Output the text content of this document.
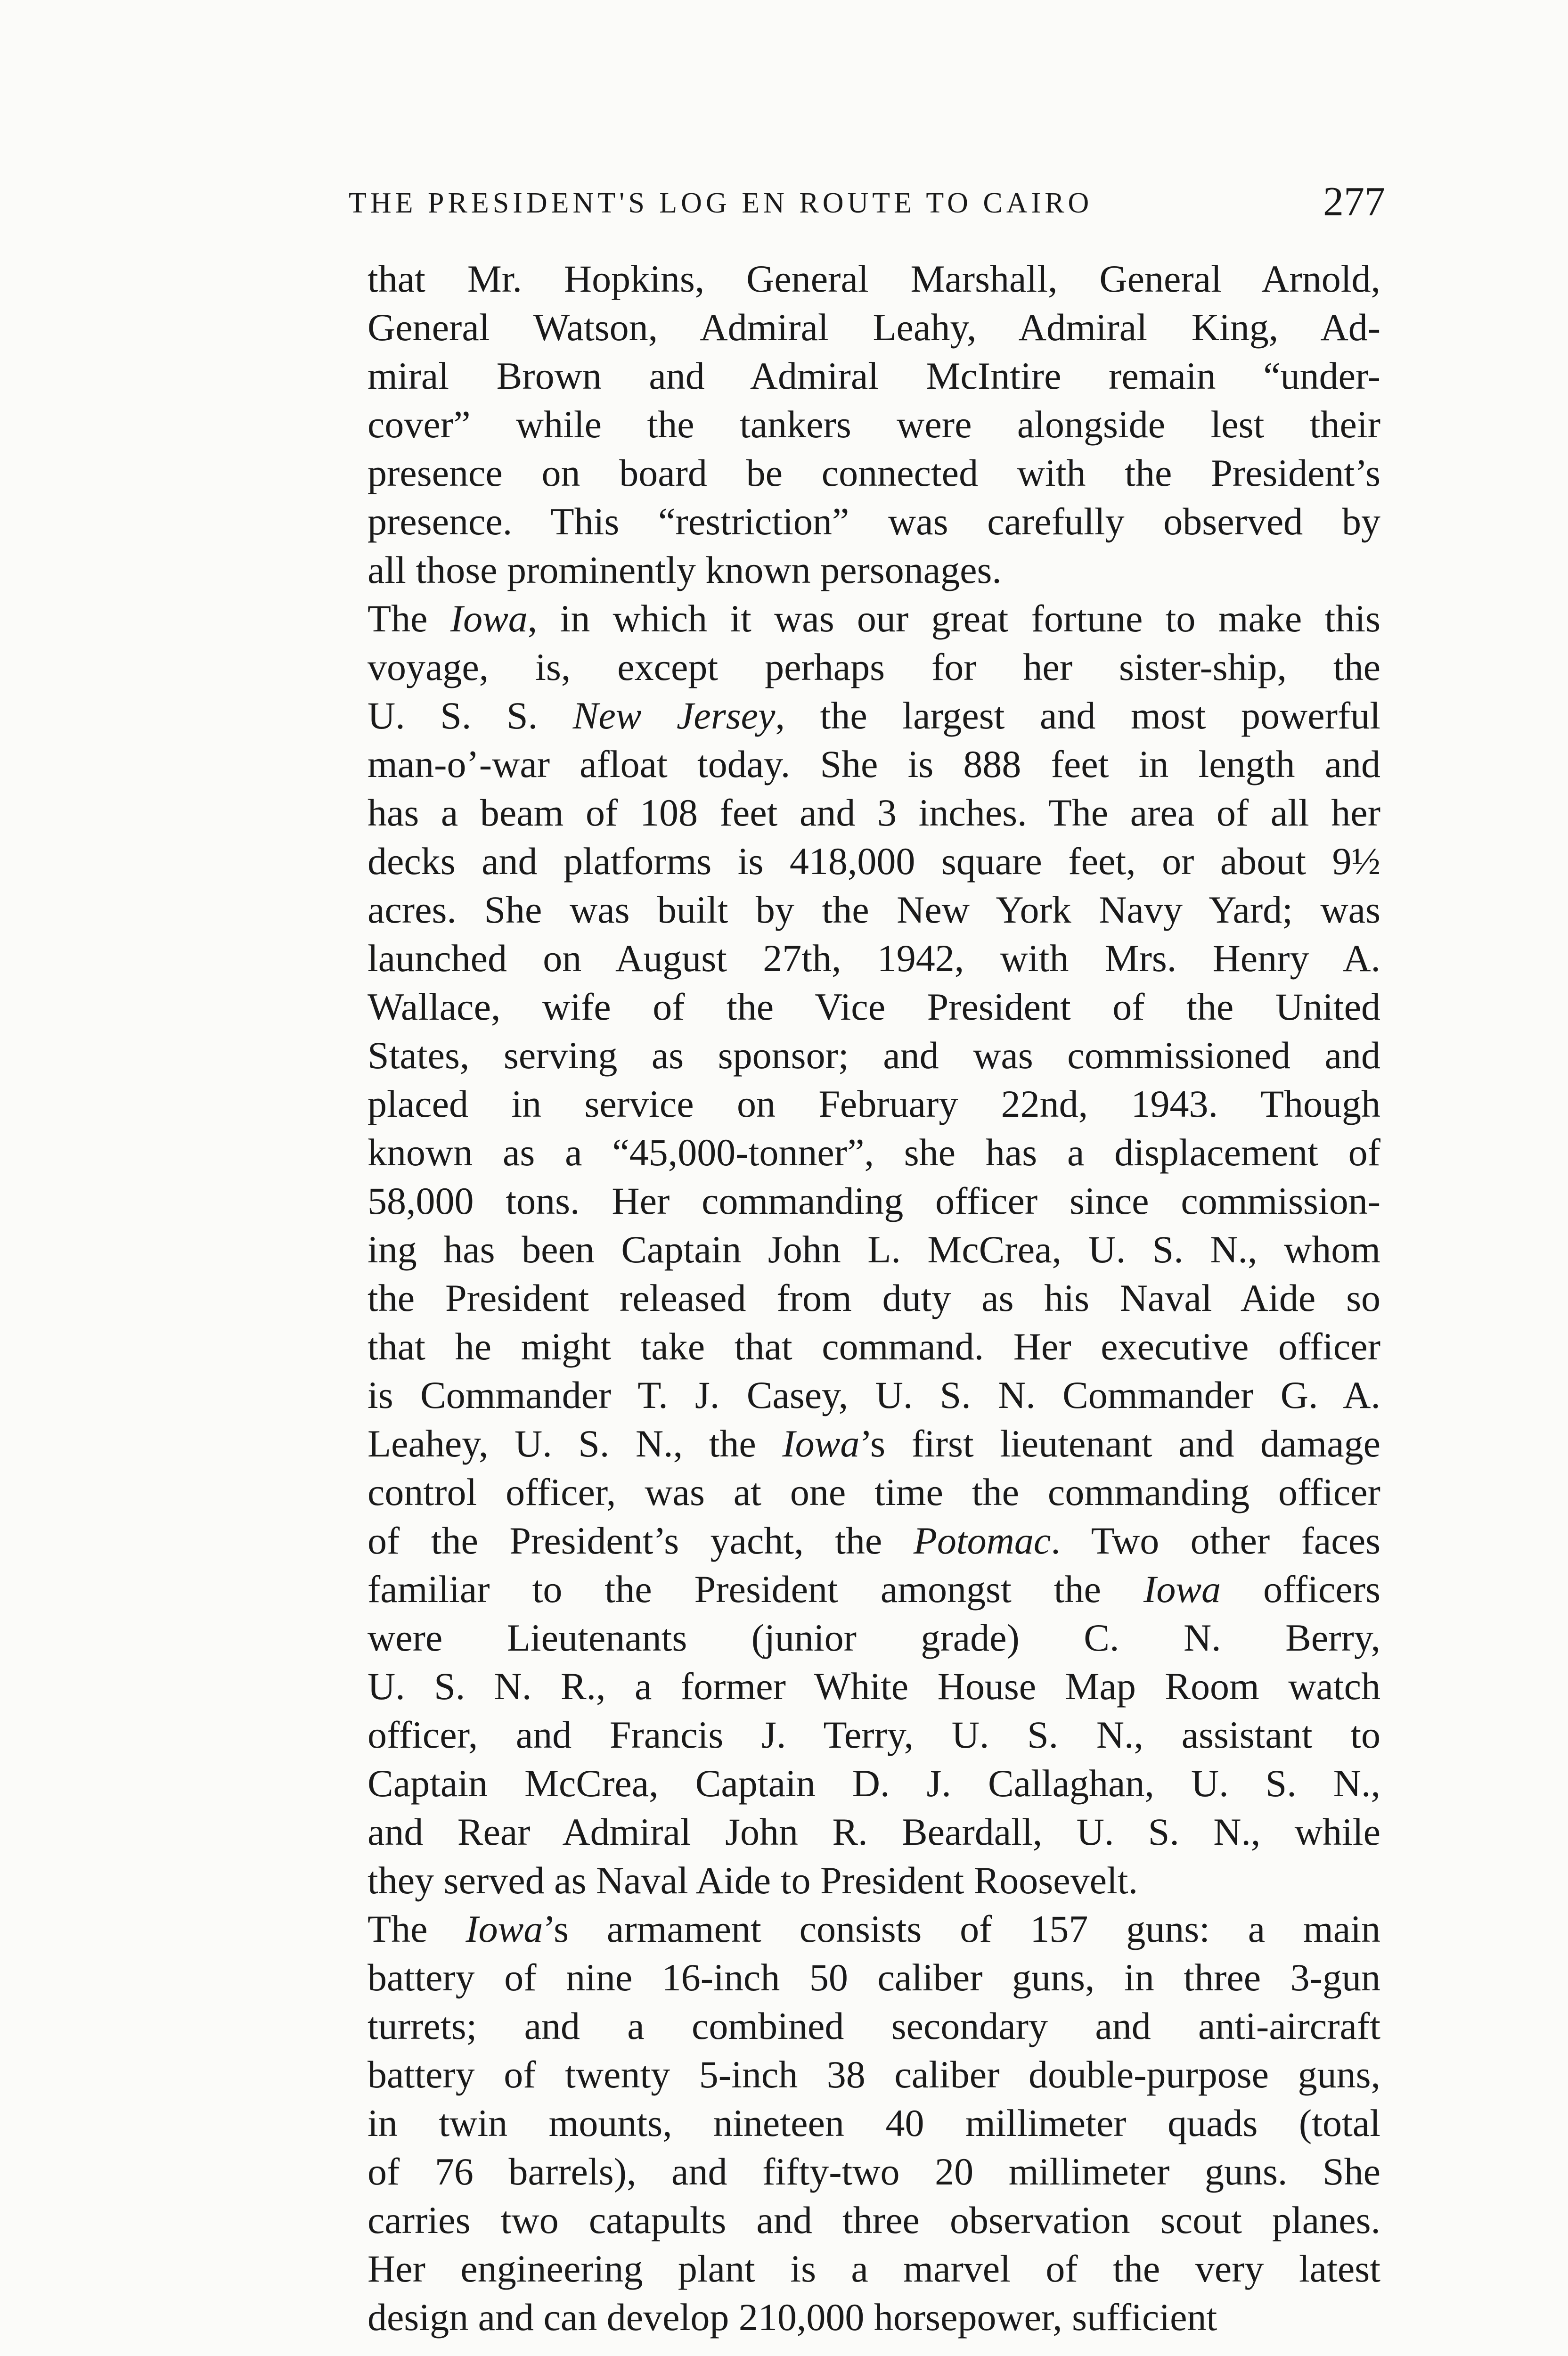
THE PRESIDENT'S LOG EN ROUTE TO CAIRO	277
that Mr. Hopkins, General Marshall, General Arnold,
General Watson, Admiral Leahy, Admiral King, Ad-
miral Brown and Admiral McIntire remain “under-
cover” while the tankers were alongside lest their
presence on board be connected with the President’s
presence. This “restriction” was carefully observed by
all those prominently known personages.
The Iowa, in which it was our great fortune to make this
voyage, is, except perhaps for her sister-ship, the
U. S. S. New Jersey, the largest and most powerful
man-o’-war afloat today. She is 888 feet in length and
has a beam of 108 feet and 3 inches. The area of all her
decks and platforms is 418,000 square feet, or about 9½
acres. She was built by the New York Navy Yard; was
launched on August 27th, 1942, with Mrs. Henry A.
Wallace, wife of the Vice President of the United
States, serving as sponsor; and was commissioned and
placed in service on February 22nd, 1943. Though
known as a “45,000-tonner”, she has a displacement of
58,000 tons. Her commanding officer since commission-
ing has been Captain John L. McCrea, U. S. N., whom
the President released from duty as his Naval Aide so
that he might take that command. Her executive officer
is Commander T. J. Casey, U. S. N. Commander G. A.
Leahey, U. S. N., the Iowa’s first lieutenant and damage
control officer, was at one time the commanding officer
of the President’s yacht, the Potomac. Two other faces
familiar to the President amongst the Iowa officers
were Lieutenants (junior grade) C. N. Berry,
U. S. N. R., a former White House Map Room watch
officer, and Francis J. Terry, U. S. N., assistant to
Captain McCrea, Captain D. J. Callaghan, U. S. N.,
and Rear Admiral John R. Beardall, U. S. N., while
they served as Naval Aide to President Roosevelt.
The Iowa’s armament consists of 157 guns: a main
battery of nine 16-inch 50 caliber guns, in three 3-gun
turrets; and a combined secondary and anti-aircraft
battery of twenty 5-inch 38 caliber double-purpose guns,
in twin mounts, nineteen 40 millimeter quads (total
of 76 barrels), and fifty-two 20 millimeter guns. She
carries two catapults and three observation scout planes.
Her engineering plant is a marvel of the very latest
design and can develop 210,000 horsepower, sufficient
